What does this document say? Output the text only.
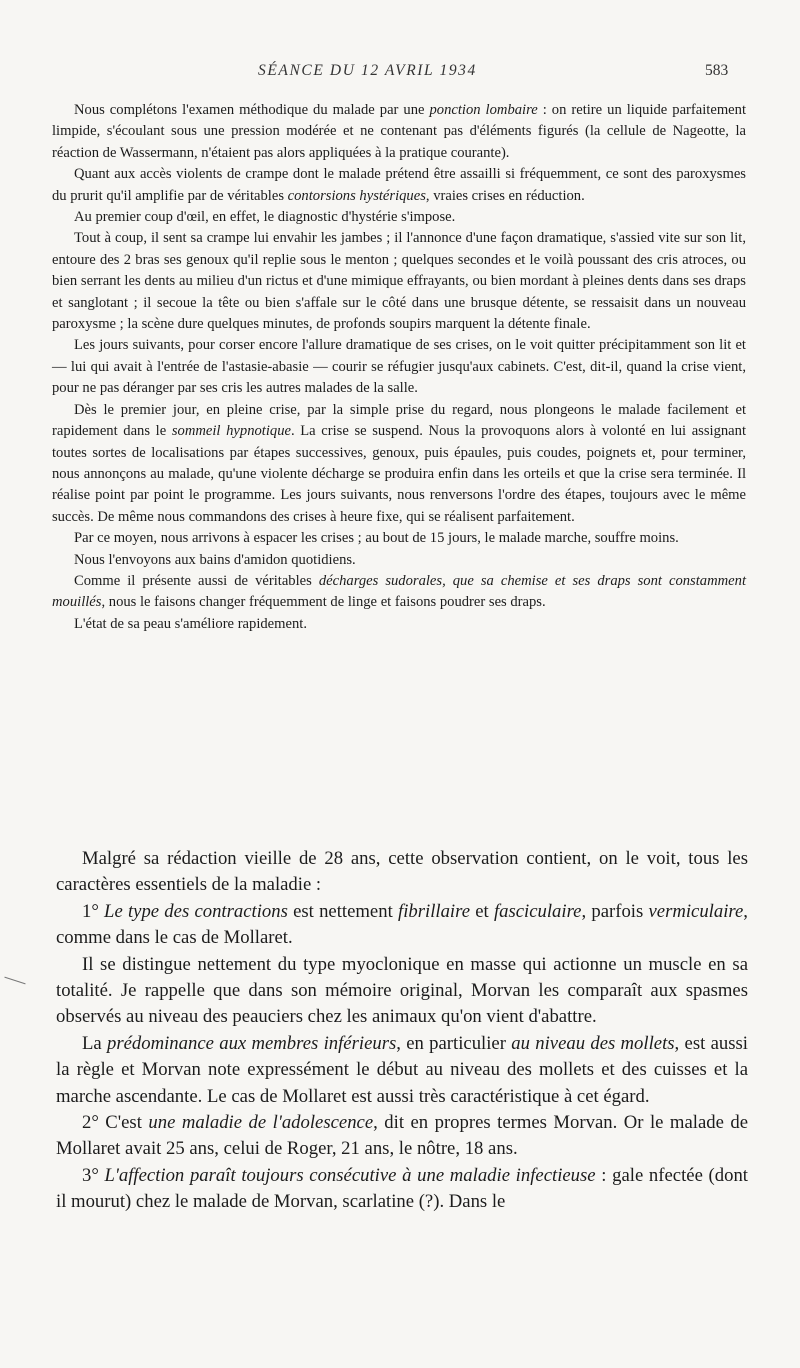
SÉANCE DU 12 AVRIL 1934	583

Nous complétons l'examen méthodique du malade par une ponction lombaire : on retire un liquide parfaitement limpide, s'écoulant sous une pression modérée et ne contenant pas d'éléments figurés (la cellule de Nageotte, la réaction de Wassermann, n'étaient pas alors appliquées à la pratique courante).

Quant aux accès violents de crampe dont le malade prétend être assailli si fréquemment, ce sont des paroxysmes du prurit qu'il amplifie par de véritables contorsions hystériques, vraies crises en réduction.

Au premier coup d'œil, en effet, le diagnostic d'hystérie s'impose.

Tout à coup, il sent sa crampe lui envahir les jambes ; il l'annonce d'une façon dramatique, s'assied vite sur son lit, entoure des 2 bras ses genoux qu'il replie sous le menton ; quelques secondes et le voilà poussant des cris atroces, ou bien serrant les dents au milieu d'un rictus et d'une mimique effrayants, ou bien mordant à pleines dents dans ses draps et sanglotant ; il secoue la tête ou bien s'affale sur le côté dans une brusque détente, se ressaisit dans un nouveau paroxysme ; la scène dure quelques minutes, de profonds soupirs marquent la détente finale.

Les jours suivants, pour corser encore l'allure dramatique de ses crises, on le voit quitter précipitamment son lit et — lui qui avait à l'entrée de l'astasie-abasie — courir se réfugier jusqu'aux cabinets. C'est, dit-il, quand la crise vient, pour ne pas déranger par ses cris les autres malades de la salle.

Dès le premier jour, en pleine crise, par la simple prise du regard, nous plongeons le malade facilement et rapidement dans le sommeil hypnotique. La crise se suspend. Nous la provoquons alors à volonté en lui assignant toutes sortes de localisations par étapes successives, genoux, puis épaules, puis coudes, poignets et, pour terminer, nous annonçons au malade, qu'une violente décharge se produira enfin dans les orteils et que la crise sera terminée. Il réalise point par point le programme. Les jours suivants, nous renversons l'ordre des étapes, toujours avec le même succès. De même nous commandons des crises à heure fixe, qui se réalisent parfaitement.

Par ce moyen, nous arrivons à espacer les crises ; au bout de 15 jours, le malade marche, souffre moins.

Nous l'envoyons aux bains d'amidon quotidiens.

Comme il présente aussi de véritables décharges sudorales, que sa chemise et ses draps sont constamment mouillés, nous le faisons changer fréquemment de linge et faisons poudrer ses draps.

L'état de sa peau s'améliore rapidement.

Malgré sa rédaction vieille de 28 ans, cette observation contient, on le voit, tous les caractères essentiels de la maladie :

1° Le type des contractions est nettement fibrillaire et fasciculaire, parfois vermiculaire, comme dans le cas de Mollaret.

Il se distingue nettement du type myoclonique en masse qui actionne un muscle en sa totalité. Je rappelle que dans son mémoire original, Morvan les comparaît aux spasmes observés au niveau des peauciers chez les animaux qu'on vient d'abattre.

La prédominance aux membres inférieurs, en particulier au niveau des mollets, est aussi la règle et Morvan note expressément le début au niveau des mollets et des cuisses et la marche ascendante. Le cas de Mollaret est aussi très caractéristique à cet égard.

2° C'est une maladie de l'adolescence, dit en propres termes Morvan. Or le malade de Mollaret avait 25 ans, celui de Roger, 21 ans, le nôtre, 18 ans.

3° L'affection paraît toujours consécutive à une maladie infectieuse : gale nfectée (dont il mourut) chez le malade de Morvan, scarlatine (?). Dans le
